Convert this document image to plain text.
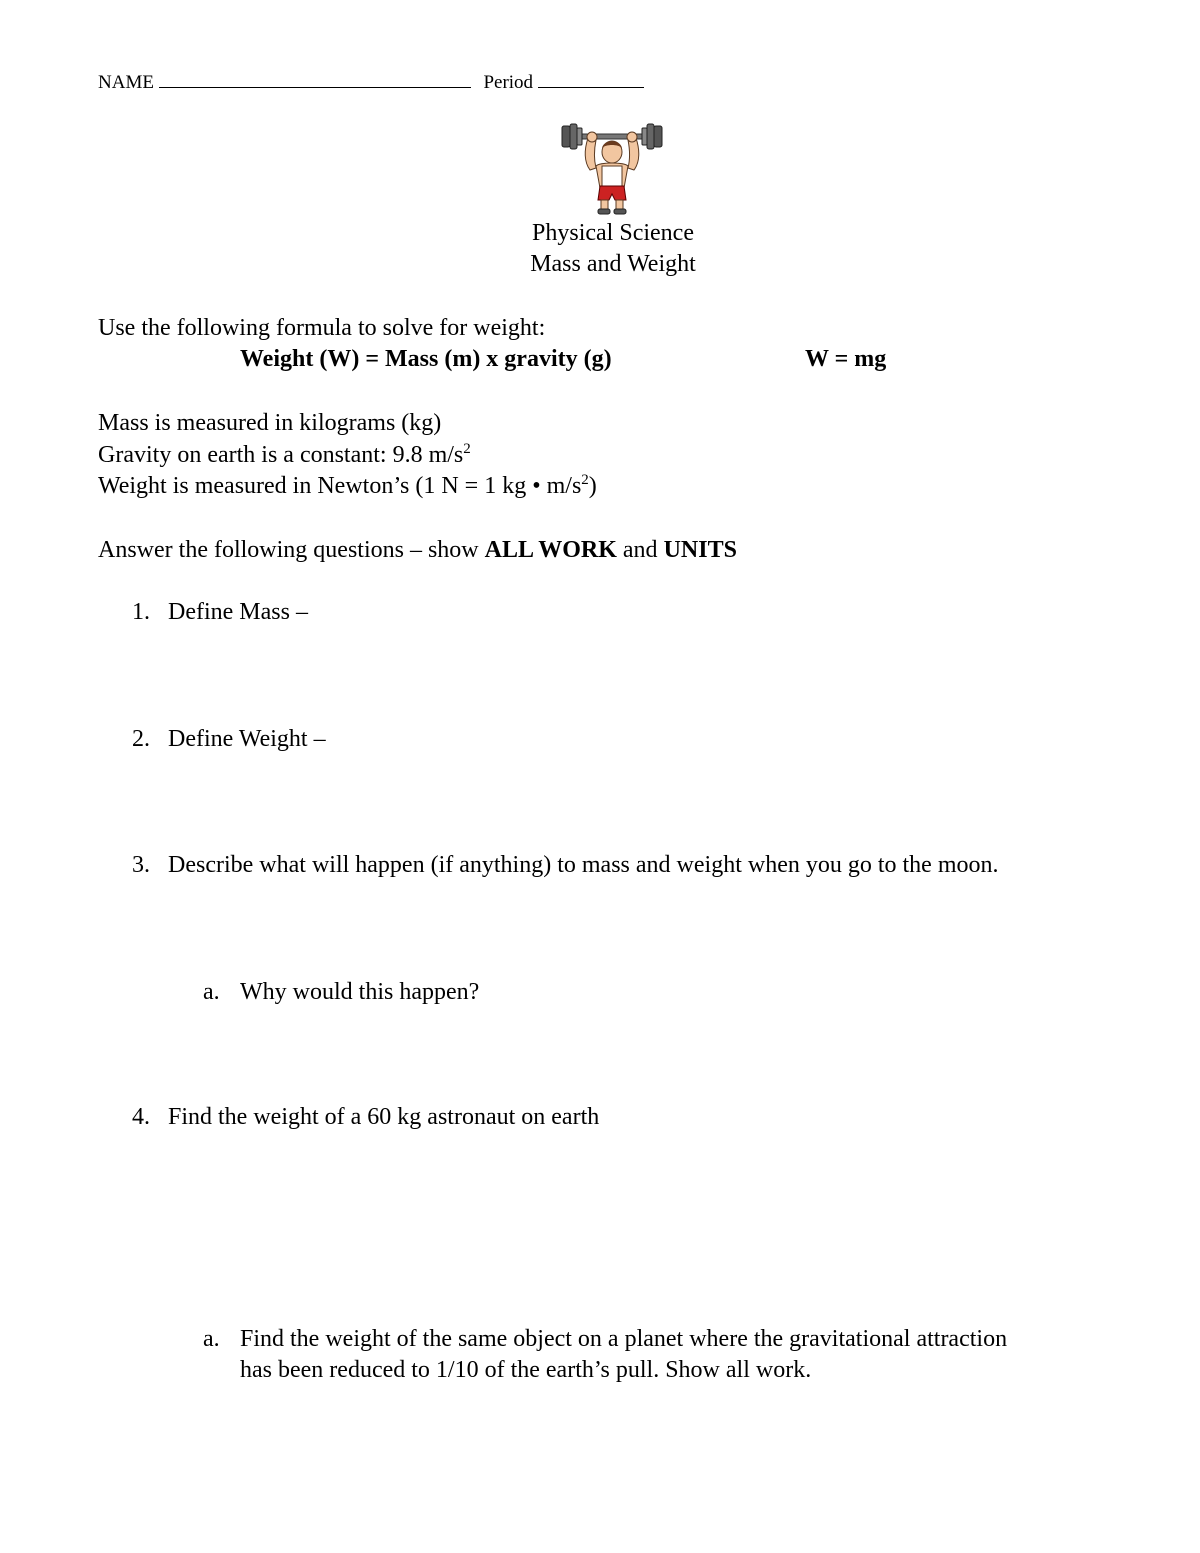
NAME	Period
Physical Science
Mass and Weight
Use the following formula to solve for weight:
Weight (W) = Mass (m) x gravity (g)	W = mg
Mass is measured in kilograms (kg)
Gravity on earth is a constant: 9.8 $m/s^2$
Weight is measured in Newton’s (1 N = 1 kg • $m/s^2$)
Answer the following questions – show ALL WORK and UNITS
1. Define Mass –
2. Define Weight –
3. Describe what will happen (if anything) to mass and weight when you go to the moon.
a. Why would this happen?
4. Find the weight of a 60 kg astronaut on earth
a. Find the weight of the same object on a planet where the gravitational attraction
has been reduced to 1/10 of the earth’s pull. Show all work.
